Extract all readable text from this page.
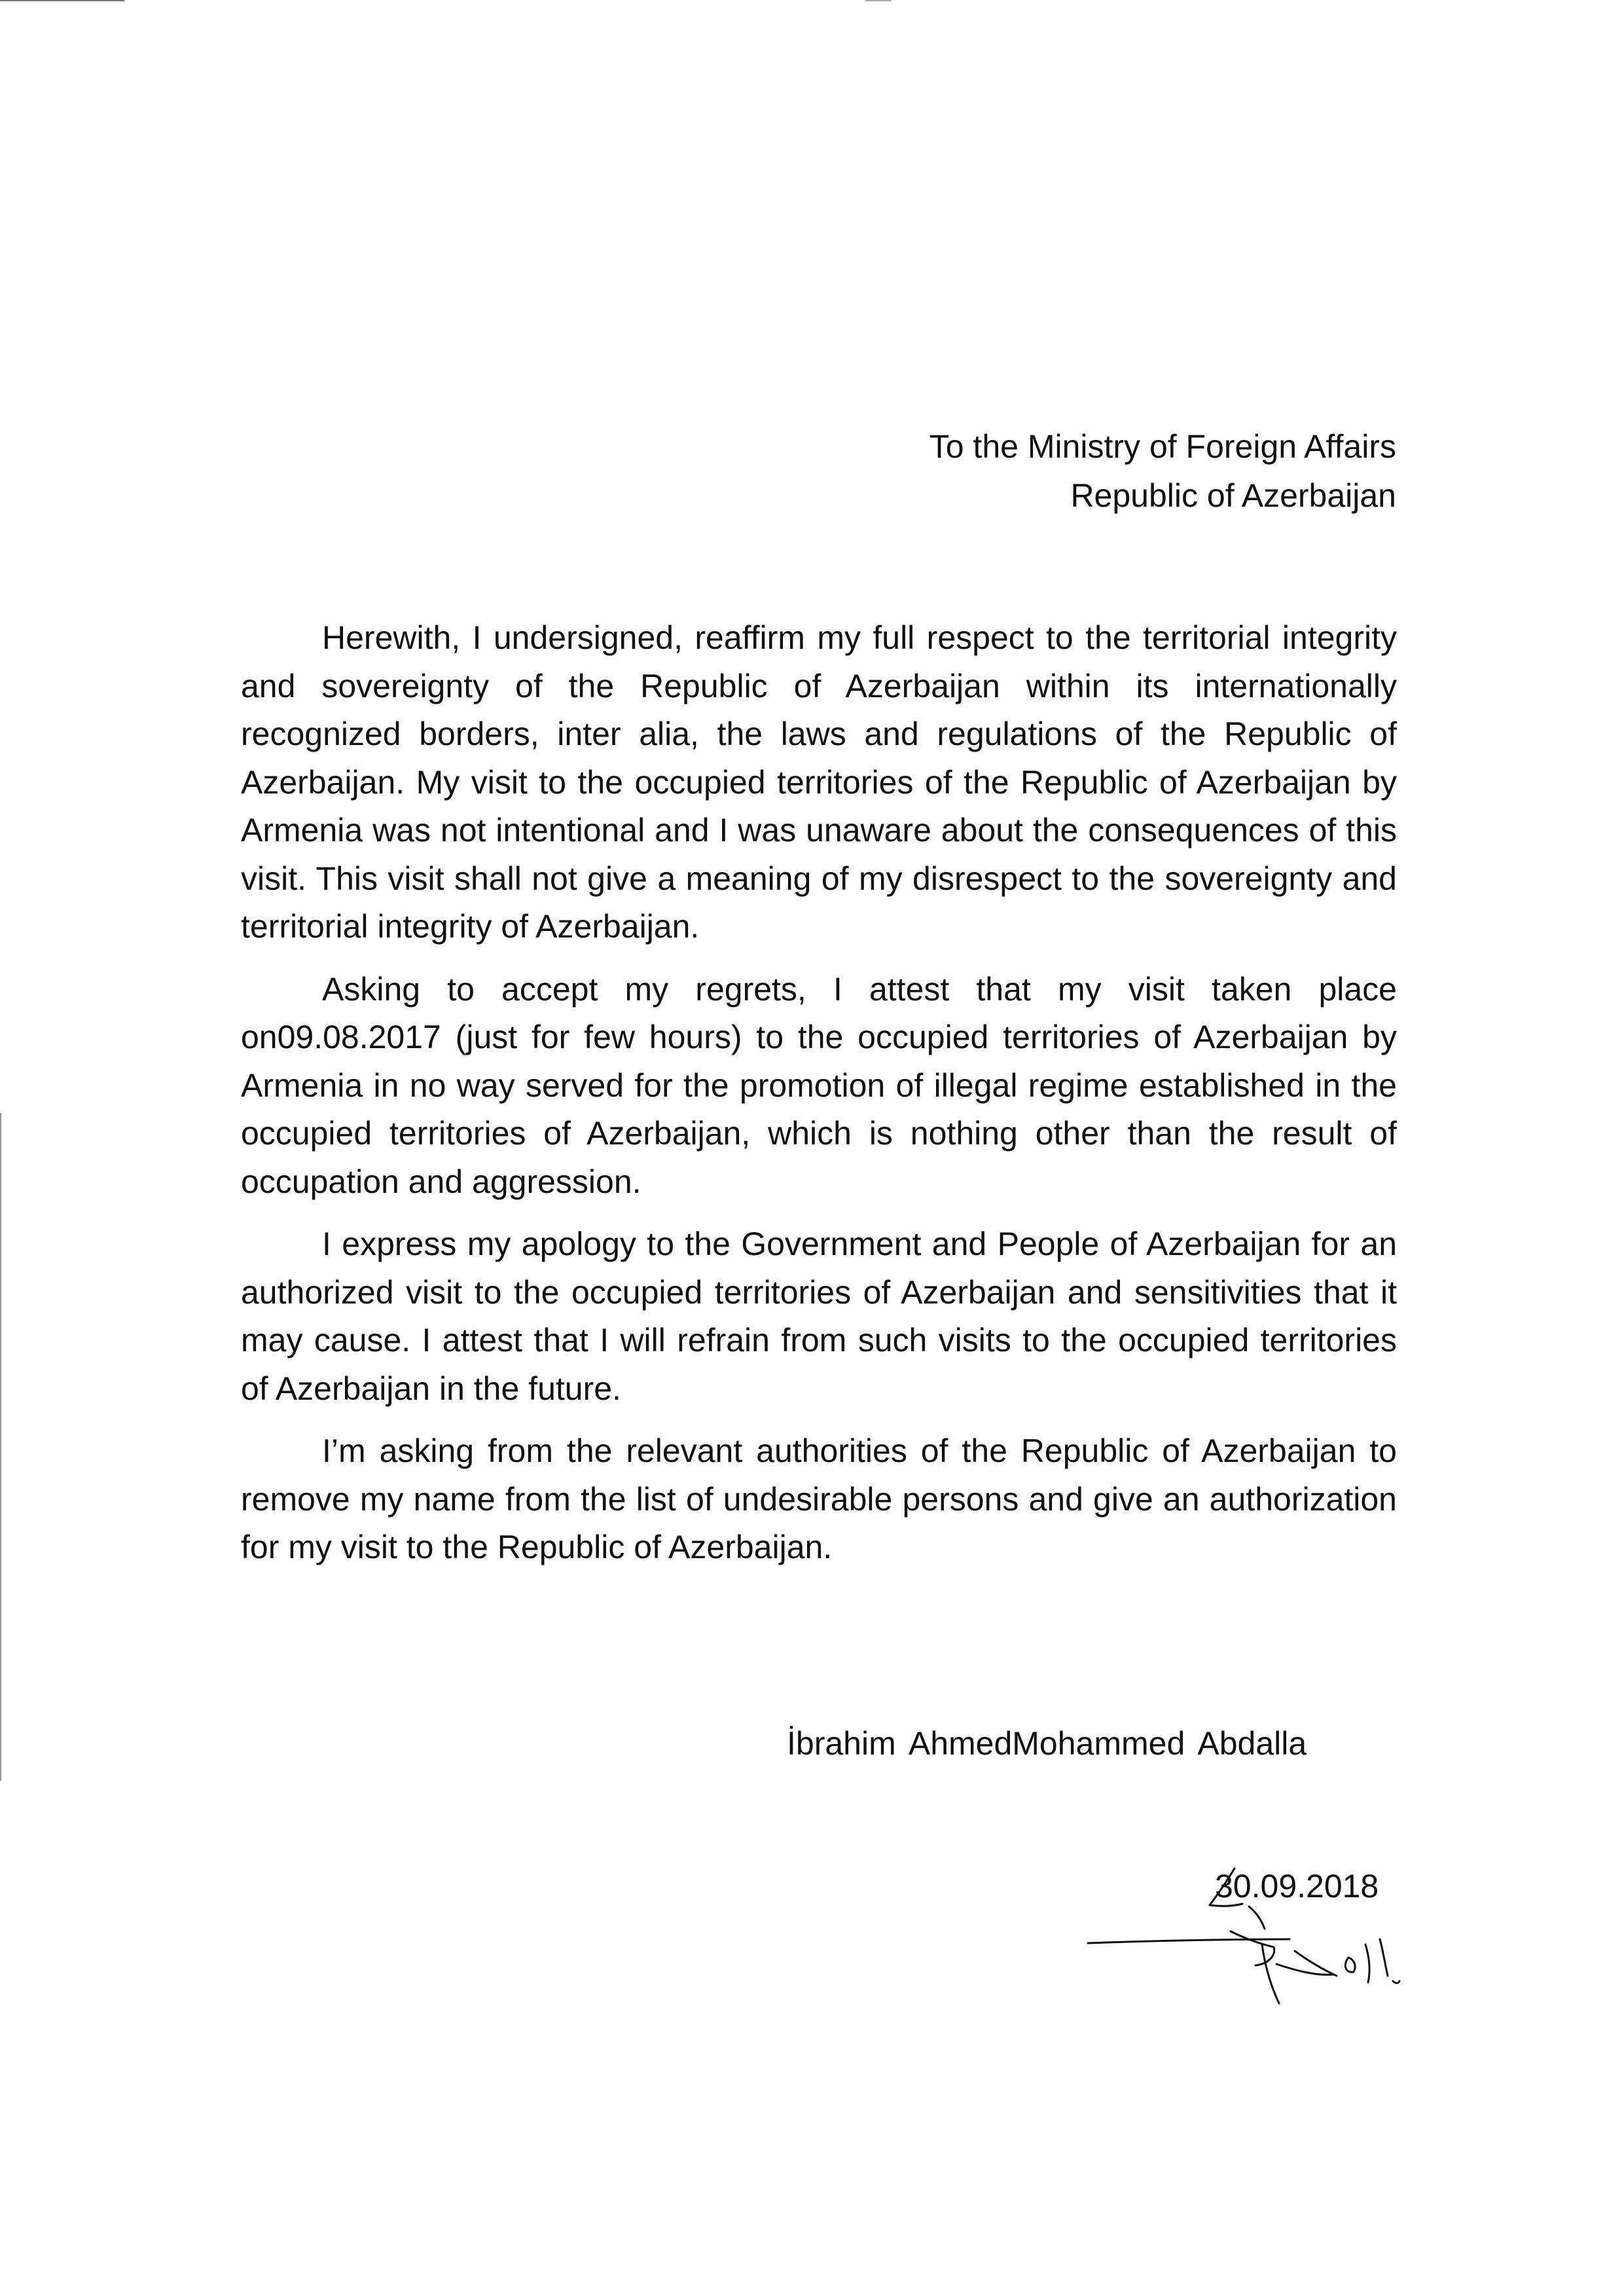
To the Ministry of Foreign Affairs
Republic of Azerbaijan

Herewith, I undersigned, reaffirm my full respect to the territorial integrity and sovereignty of the Republic of Azerbaijan within its internationally recognized borders, inter alia, the laws and regulations of the Republic of Azerbaijan. My visit to the occupied territories of the Republic of Azerbaijan by Armenia was not intentional and I was unaware about the consequences of this visit. This visit shall not give a meaning of my disrespect to the sovereignty and territorial integrity of Azerbaijan.

Asking to accept my regrets, I attest that my visit taken place on09.08.2017 (just for few hours) to the occupied territories of Azerbaijan by Armenia in no way served for the promotion of illegal regime established in the occupied territories of Azerbaijan, which is nothing other than the result of occupation and aggression.

I express my apology to the Government and People of Azerbaijan for an authorized visit to the occupied territories of Azerbaijan and sensitivities that it may cause. I attest that I will refrain from such visits to the occupied territories of Azerbaijan in the future.

I’m asking from the relevant authorities of the Republic of Azerbaijan to remove my name from the list of undesirable persons and give an authorization for my visit to the Republic of Azerbaijan.

İbrahim AhmedMohammed Abdalla
30.09.2018
